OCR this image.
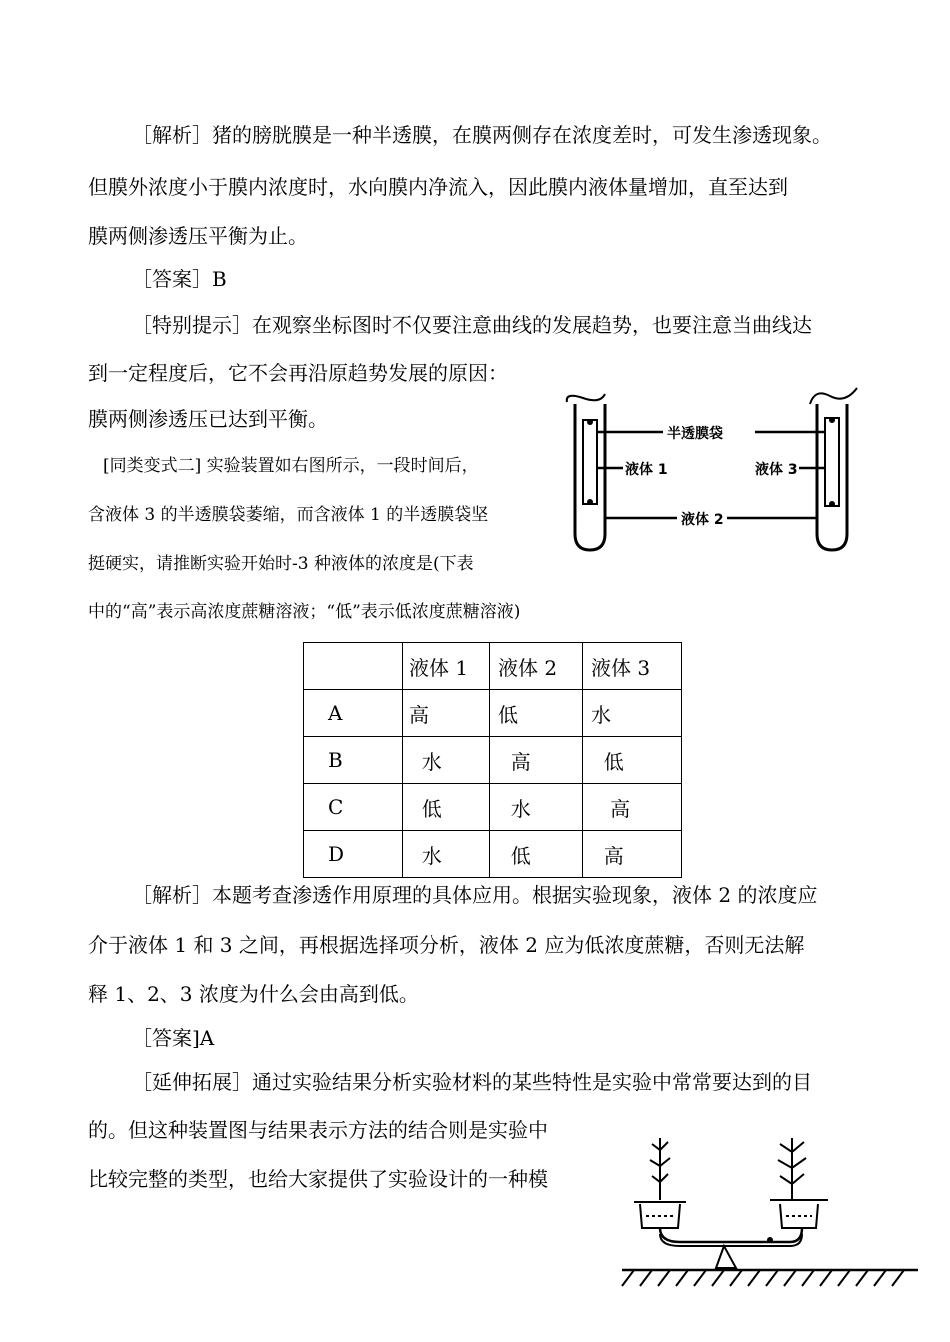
［解析］猪的膀胱膜是一种半透膜，在膜两侧存在浓度差时，可发生渗透现象。
但膜外浓度小于膜内浓度时，水向膜内净流入，因此膜内液体量增加，直至达到
膜两侧渗透压平衡为止。
［答案］B
［特别提示］在观察坐标图时不仅要注意曲线的发展趋势，也要注意当曲线达
到一定程度后，它不会再沿原趋势发展的原因：
膜两侧渗透压已达到平衡。
[同类变式二] 实验装置如右图所示，一段时间后，
含液体 3 的半透膜袋萎缩，而含液体 1 的半透膜袋坚
挺硬实，请推断实验开始时-3 种液体的浓度是(下表
中的“高”表示高浓度蔗糖溶液；“低”表示低浓度蔗糖溶液)
半透膜袋
液体 1	液体 3
液体 2
	液体 1	液体 2	液体 3
A	高	低	水
B	水	高	低
C	低	水	高
D	水	低	高
［解析］本题考查渗透作用原理的具体应用。根据实验现象，液体 2 的浓度应
介于液体 1 和 3 之间，再根据选择项分析，液体 2 应为低浓度蔗糖，否则无法解
释 1、2、3 浓度为什么会由高到低。
［答案]A
［延伸拓展］通过实验结果分析实验材料的某些特性是实验中常常要达到的目
的。但这种装置图与结果表示方法的结合则是实验中
比较完整的类型，也给大家提供了实验设计的一种模
